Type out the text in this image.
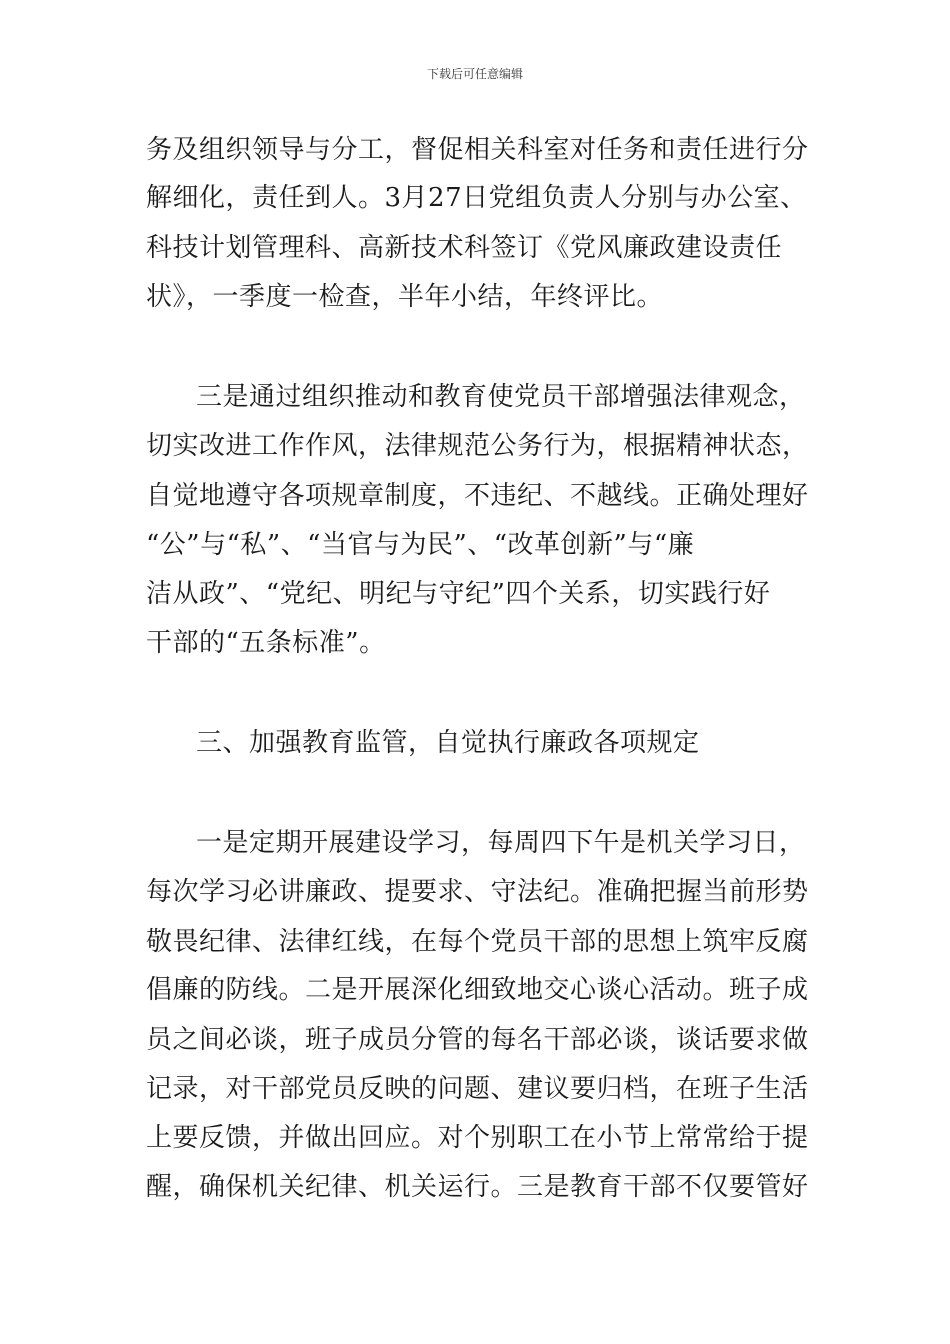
下载后可任意编辑
务及组织领导与分工，督促相关科室对任务和责任进行分
解细化，责任到人。3月27日党组负责人分别与办公室、
科技计划管理科、高新技术科签订《党风廉政建设责任
状》，一季度一检查，半年小结，年终评比。
三是通过组织推动和教育使党员干部增强法律观念，
切实改进工作作风，法律规范公务行为，根据精神状态，
自觉地遵守各项规章制度，不违纪、不越线。正确处理好
“公”与“私”、“当官与为民”、“改革创新”与“廉
洁从政”、“党纪、明纪与守纪”四个关系，切实践行好
干部的“五条标准”。
三、加强教育监管，自觉执行廉政各项规定
一是定期开展建设学习，每周四下午是机关学习日，
每次学习必讲廉政、提要求、守法纪。准确把握当前形势
敬畏纪律、法律红线，在每个党员干部的思想上筑牢反腐
倡廉的防线。二是开展深化细致地交心谈心活动。班子成
员之间必谈，班子成员分管的每名干部必谈，谈话要求做
记录，对干部党员反映的问题、建议要归档，在班子生活
上要反馈，并做出回应。对个别职工在小节上常常给于提
醒，确保机关纪律、机关运行。三是教育干部不仅要管好
